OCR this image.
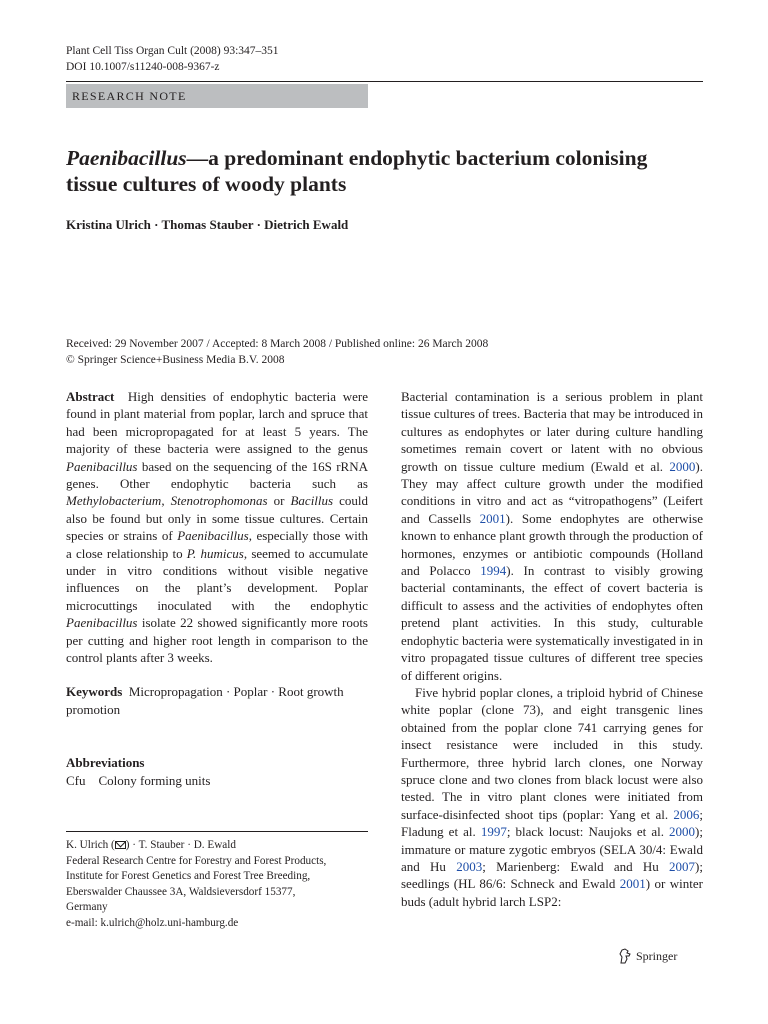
Plant Cell Tiss Organ Cult (2008) 93:347–351
DOI 10.1007/s11240-008-9367-z
RESEARCH NOTE
Paenibacillus—a predominant endophytic bacterium colonising tissue cultures of woody plants
Kristina Ulrich · Thomas Stauber · Dietrich Ewald
Received: 29 November 2007 / Accepted: 8 March 2008 / Published online: 26 March 2008
© Springer Science+Business Media B.V. 2008

Abstract High densities of endophytic bacteria were found in plant material from poplar, larch and spruce that had been micropropagated for at least 5 years. The majority of these bacteria were assigned to the genus Paenibacillus based on the sequencing of the 16S rRNA genes. Other endophytic bacteria such as Methylobacterium, Stenotrophomonas or Bacillus could also be found but only in some tissue cultures. Certain species or strains of Paenibacillus, especially those with a close relationship to P. humicus, seemed to accumulate under in vitro conditions without visible negative influences on the plant’s development. Poplar microcuttings inoculated with the endophytic Paenibacillus isolate 22 showed significantly more roots per cutting and higher root length in comparison to the control plants after 3 weeks.

Keywords Micropropagation · Poplar · Root growth promotion
Abbreviations
Cfu Colony forming units
K. Ulrich ( ) · T. Stauber · D. Ewald
Federal Research Centre for Forestry and Forest Products,
Institute for Forest Genetics and Forest Tree Breeding,
Eberswalder Chaussee 3A, Waldsieversdorf 15377,
Germany
e-mail: k.ulrich@holz.uni-hamburg.de

Bacterial contamination is a serious problem in plant tissue cultures of trees. Bacteria that may be introduced in cultures as endophytes or later during culture handling sometimes remain covert or latent with no obvious growth on tissue culture medium (Ewald et al. 2000). They may affect culture growth under the modified conditions in vitro and act as “vitropathogens” (Leifert and Cassells 2001). Some endophytes are otherwise known to enhance plant growth through the production of hormones, enzymes or antibiotic compounds (Holland and Polacco 1994). In contrast to visibly growing bacterial contaminants, the effect of covert bacteria is difficult to assess and the activities of endophytes often pretend plant activities. In this study, culturable endophytic bacteria were systematically investigated in in vitro propagated tissue cultures of different tree species of different origins.

Five hybrid poplar clones, a triploid hybrid of Chinese white poplar (clone 73), and eight transgenic lines obtained from the poplar clone 741 carrying genes for insect resistance were included in this study. Furthermore, three hybrid larch clones, one Norway spruce clone and two clones from black locust were also tested. The in vitro plant clones were initiated from surface-disinfected shoot tips (poplar: Yang et al. 2006; Fladung et al. 1997; black locust: Naujoks et al. 2000); immature or mature zygotic embryos (SELA 30/4: Ewald and Hu 2003; Marienberg: Ewald and Hu 2007); seedlings (HL 86/6: Schneck and Ewald 2001) or winter buds (adult hybrid larch LSP2:

Springer
